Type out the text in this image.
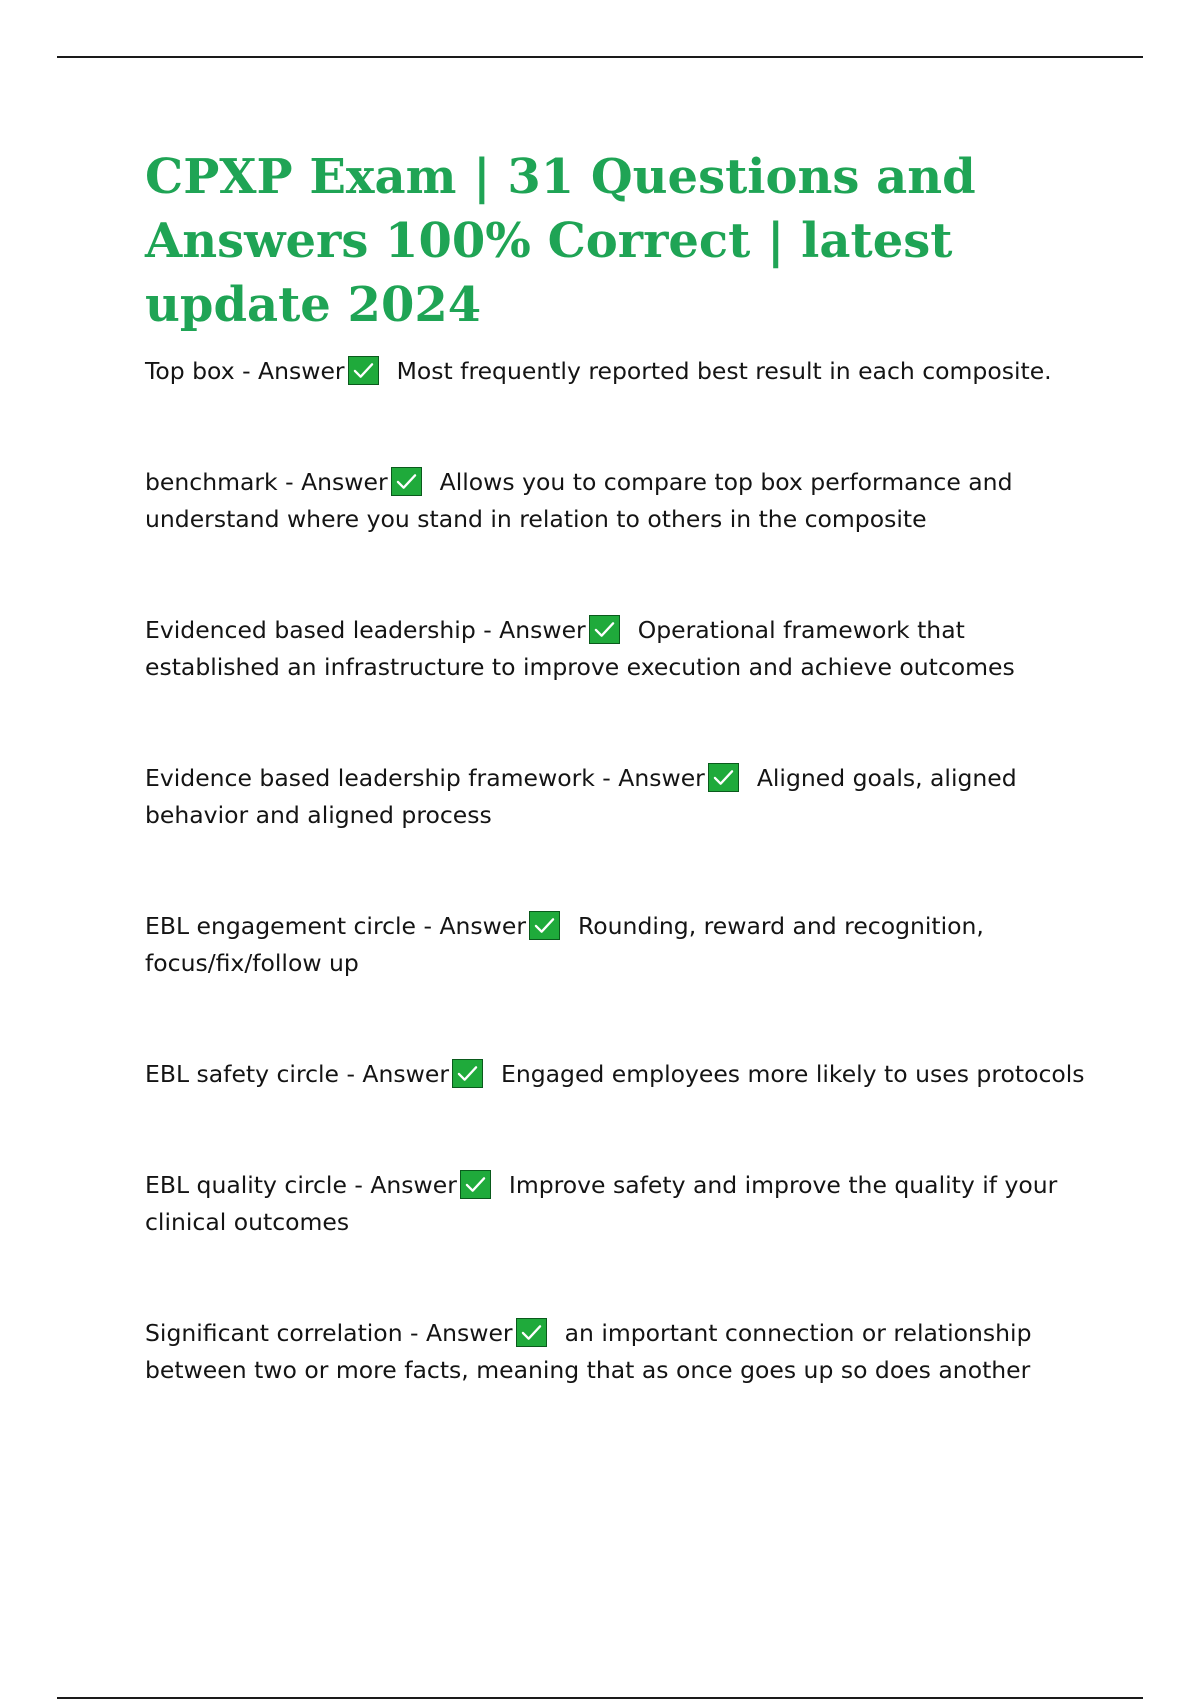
CPXP Exam | 31 Questions and Answers 100% Correct | latest update 2024

Top box - Answer Most frequently reported best result in each composite.

benchmark - Answer Allows you to compare top box performance and understand where you stand in relation to others in the composite

Evidenced based leadership - Answer Operational framework that established an infrastructure to improve execution and achieve outcomes

Evidence based leadership framework - Answer Aligned goals, aligned behavior and aligned process

EBL engagement circle - Answer Rounding, reward and recognition, focus/fix/follow up

EBL safety circle - Answer Engaged employees more likely to uses protocols

EBL quality circle - Answer Improve safety and improve the quality if your clinical outcomes

Significant correlation - Answer an important connection or relationship between two or more facts, meaning that as once goes up so does another
